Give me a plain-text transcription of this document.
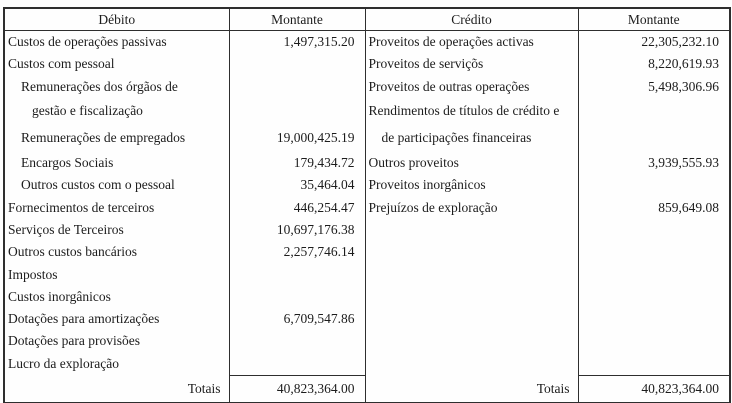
Débito	Montante	Crédito	Montante
Custos de operações passivas	1,497,315.20	Proveitos de operações activas	22,305,232.10
Custos com pessoal		Proveitos de serviçõs	8,220,619.93
Remunerações dos órgãos de		Proveitos de outras operações	5,498,306.96
gestão e fiscalização		Rendimentos de títulos de crédito e	
Remunerações de empregados	19,000,425.19	de participações financeiras	
Encargos Sociais	179,434.72	Outros proveitos	3,939,555.93
Outros custos com o pessoal	35,464.04	Proveitos inorgânicos	
Fornecimentos de terceiros	446,254.47	Prejuízos de exploração	859,649.08
Serviços de Terceiros	10,697,176.38		
Outros custos bancários	2,257,746.14		
Impostos			
Custos inorgânicos			
Dotações para amortizações	6,709,547.86		
Dotações para provisões			
Lucro da exploração			
Totais	40,823,364.00	Totais	40,823,364.00
